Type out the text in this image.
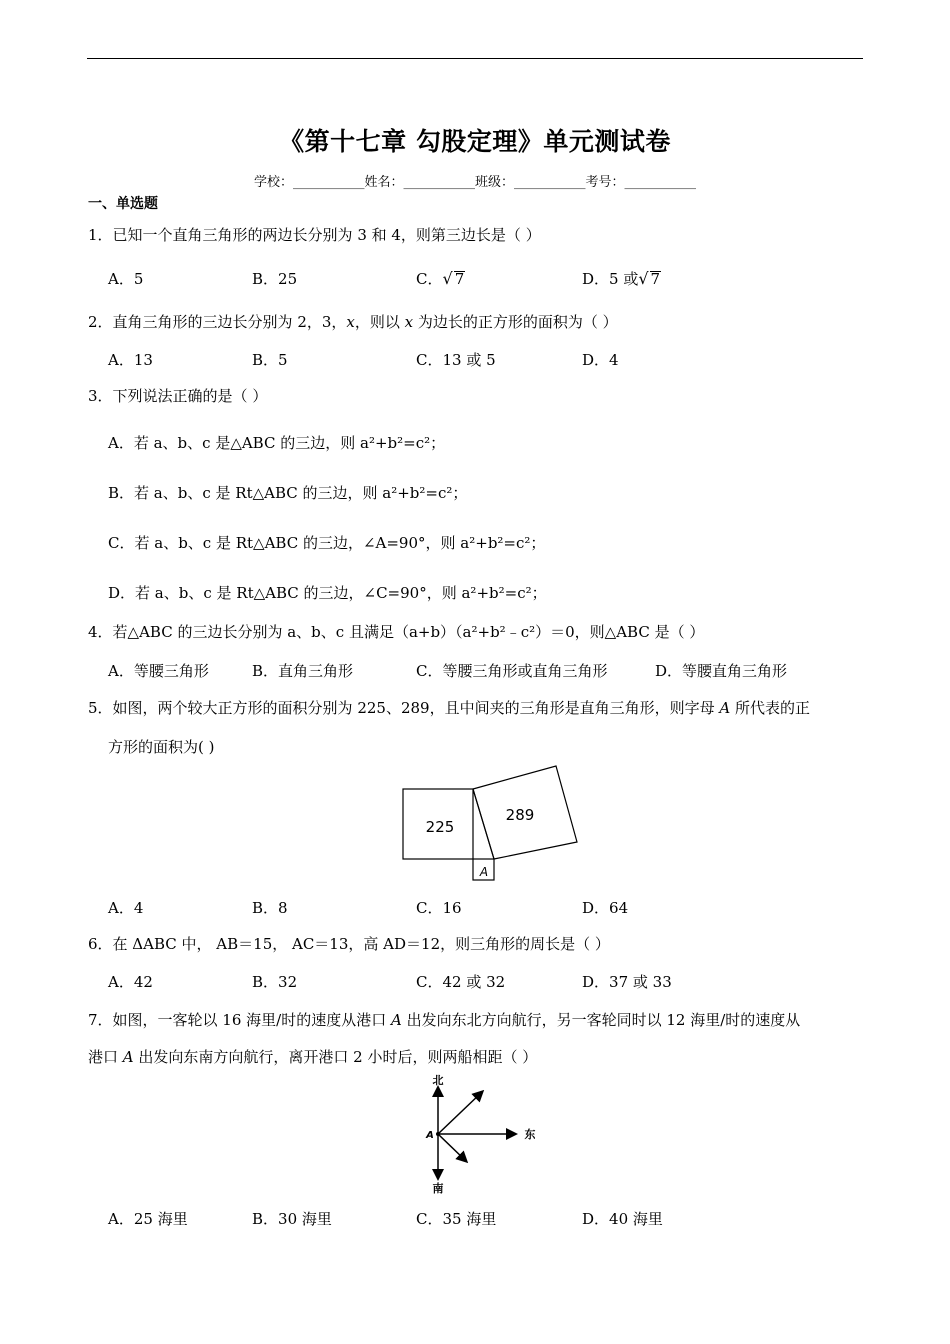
《第十七章 勾股定理》单元测试卷
学校：___________姓名：___________班级：___________考号：___________
一、单选题
1．已知一个直角三角形的两边长分别为 3 和 4，则第三边长是（ ）
A．5	B．25	C．√ 7	D．5 或√ 7
2．直角三角形的三边长分别为 2，3，x，则以 x 为边长的正方形的面积为（ ）
A．13	B．5	C．13 或 5	D．4
3．下列说法正确的是（ ）
A．若 a、b、c 是△ABC 的三边，则 a²+b²=c²；
B．若 a、b、c 是 Rt△ABC 的三边，则 a²+b²=c²；
C．若 a、b、c 是 Rt△ABC 的三边，∠A=90°，则 a²+b²=c²；
D．若 a、b、c 是 Rt△ABC 的三边，∠C=90°，则 a²+b²=c²；
4．若△ABC 的三边长分别为 a、b、c 且满足（a+b）（a²+b²﹣c²）＝0，则△ABC 是（ ）
A．等腰三角形	B．直角三角形	C．等腰三角形或直角三角形	D．等腰直角三角形
5．如图，两个较大正方形的面积分别为 225、289，且中间夹的三角形是直角三角形，则字母 A 所代表的正
方形的面积为( )
225
289
A
A．4	B．8	C．16	D．64
6．在 ΔABC 中， AB＝15， AC＝13，高 AD＝12，则三角形的周长是（ ）
A．42	B．32	C．42 或 32	D．37 或 33
7．如图，一客轮以 16 海里/时的速度从港口 A 出发向东北方向航行，另一客轮同时以 12 海里/时的速度从
港口 A 出发向东南方向航行，离开港口 2 小时后，则两船相距（ ）
北
南
东
A
A．25 海里	B．30 海里	C．35 海里	D．40 海里
